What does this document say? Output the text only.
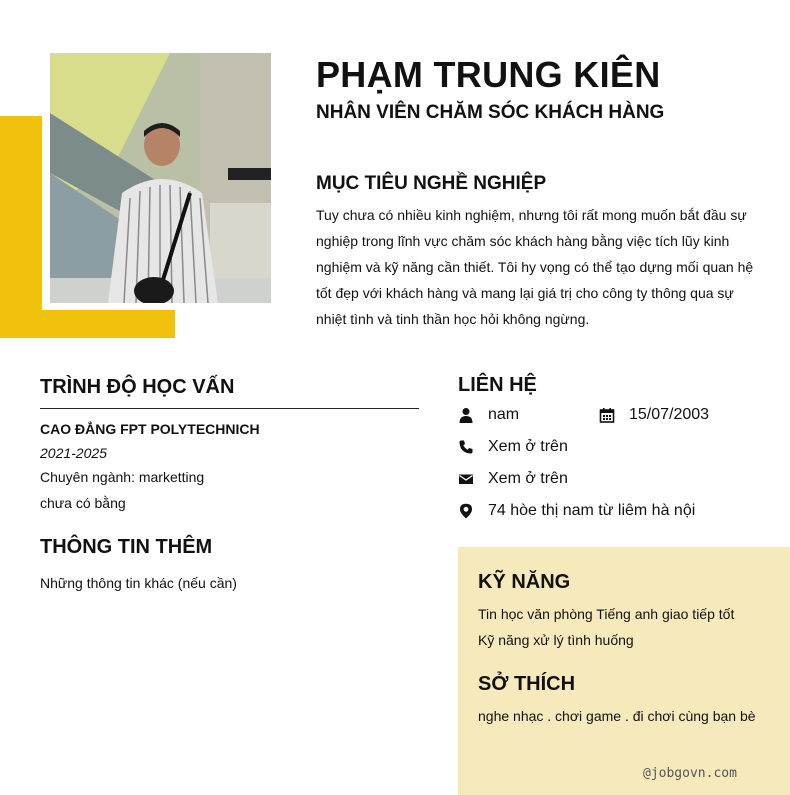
PHẠM TRUNG KIÊN
NHÂN VIÊN CHĂM SÓC KHÁCH HÀNG
MỤC TIÊU NGHỀ NGHIỆP
Tuy chưa có nhiều kinh nghiệm, nhưng tôi rất mong muốn bắt đầu sự nghiệp trong lĩnh vực chăm sóc khách hàng bằng việc tích lũy kinh nghiệm và kỹ năng cần thiết. Tôi hy vọng có thể tạo dựng mối quan hệ tốt đẹp với khách hàng và mang lại giá trị cho công ty thông qua sự nhiệt tình và tinh thần học hỏi không ngừng.
TRÌNH ĐỘ HỌC VẤN
CAO ĐẲNG FPT POLYTECHNICH
2021-2025
Chuyên ngành: marketting
chưa có bằng
THÔNG TIN THÊM
Những thông tin khác (nếu cần)
LIÊN HỆ
nam	15/07/2003
Xem ở trên
Xem ở trên
74 hòe thị nam từ liêm hà nội
KỸ NĂNG
Tin học văn phòng Tiếng anh giao tiếp tốt
Kỹ năng xử lý tình huống
SỞ THÍCH
nghe nhạc . chơi game . đi chơi cùng bạn bè
@jobgovn.com
